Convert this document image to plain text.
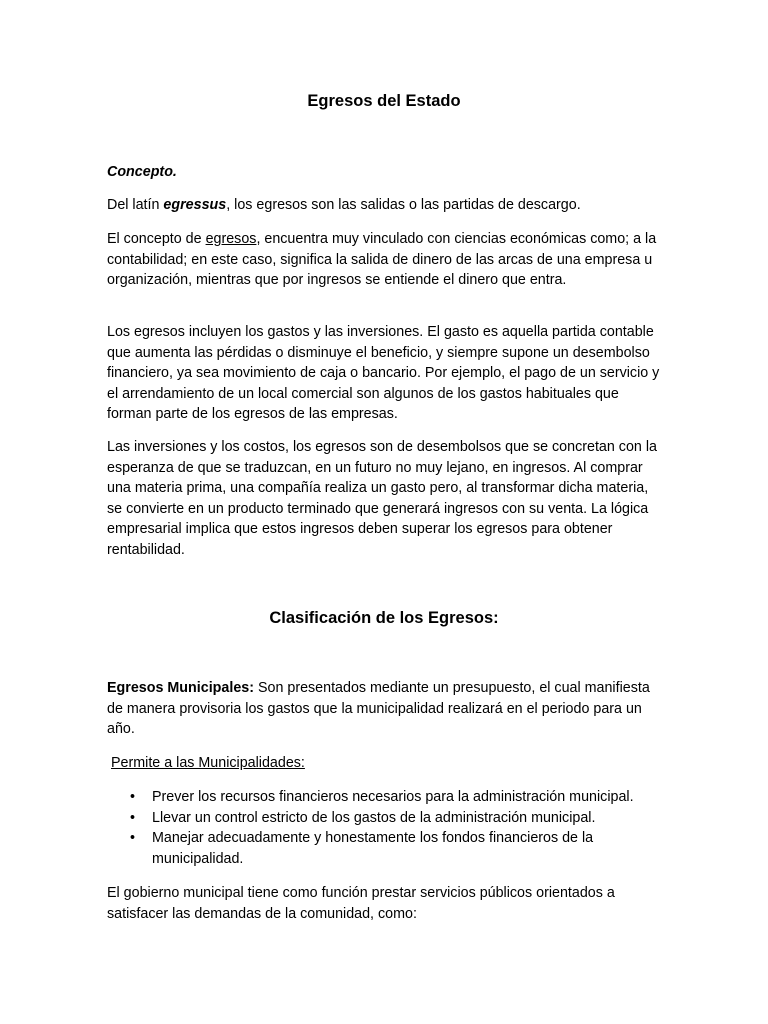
Egresos del Estado

Concepto.

Del latín egressus, los egresos son las salidas o las partidas de descargo.

El concepto de egresos, encuentra muy vinculado con ciencias económicas como; a la contabilidad; en este caso, significa la salida de dinero de las arcas de una empresa u organización, mientras que por ingresos se entiende el dinero que entra.

Los egresos incluyen los gastos y las inversiones. El gasto es aquella partida contable que aumenta las pérdidas o disminuye el beneficio, y siempre supone un desembolso financiero, ya sea movimiento de caja o bancario. Por ejemplo, el pago de un servicio y el arrendamiento de un local comercial son algunos de los gastos habituales que forman parte de los egresos de las empresas.

Las inversiones y los costos, los egresos son de desembolsos que se concretan con la esperanza de que se traduzcan, en un futuro no muy lejano, en ingresos. Al comprar una materia prima, una compañía realiza un gasto pero, al transformar dicha materia, se convierte en un producto terminado que generará ingresos con su venta. La lógica empresarial implica que estos ingresos deben superar los egresos para obtener rentabilidad.

Clasificación de los Egresos:

Egresos Municipales: Son presentados mediante un presupuesto, el cual manifiesta de manera provisoria los gastos que la municipalidad realizará en el periodo para un año.

Permite a las Municipalidades:

• Prever los recursos financieros necesarios para la administración municipal.
• Llevar un control estricto de los gastos de la administración municipal.
• Manejar adecuadamente y honestamente los fondos financieros de la municipalidad.

El gobierno municipal tiene como función prestar servicios públicos orientados a satisfacer las demandas de la comunidad, como:
